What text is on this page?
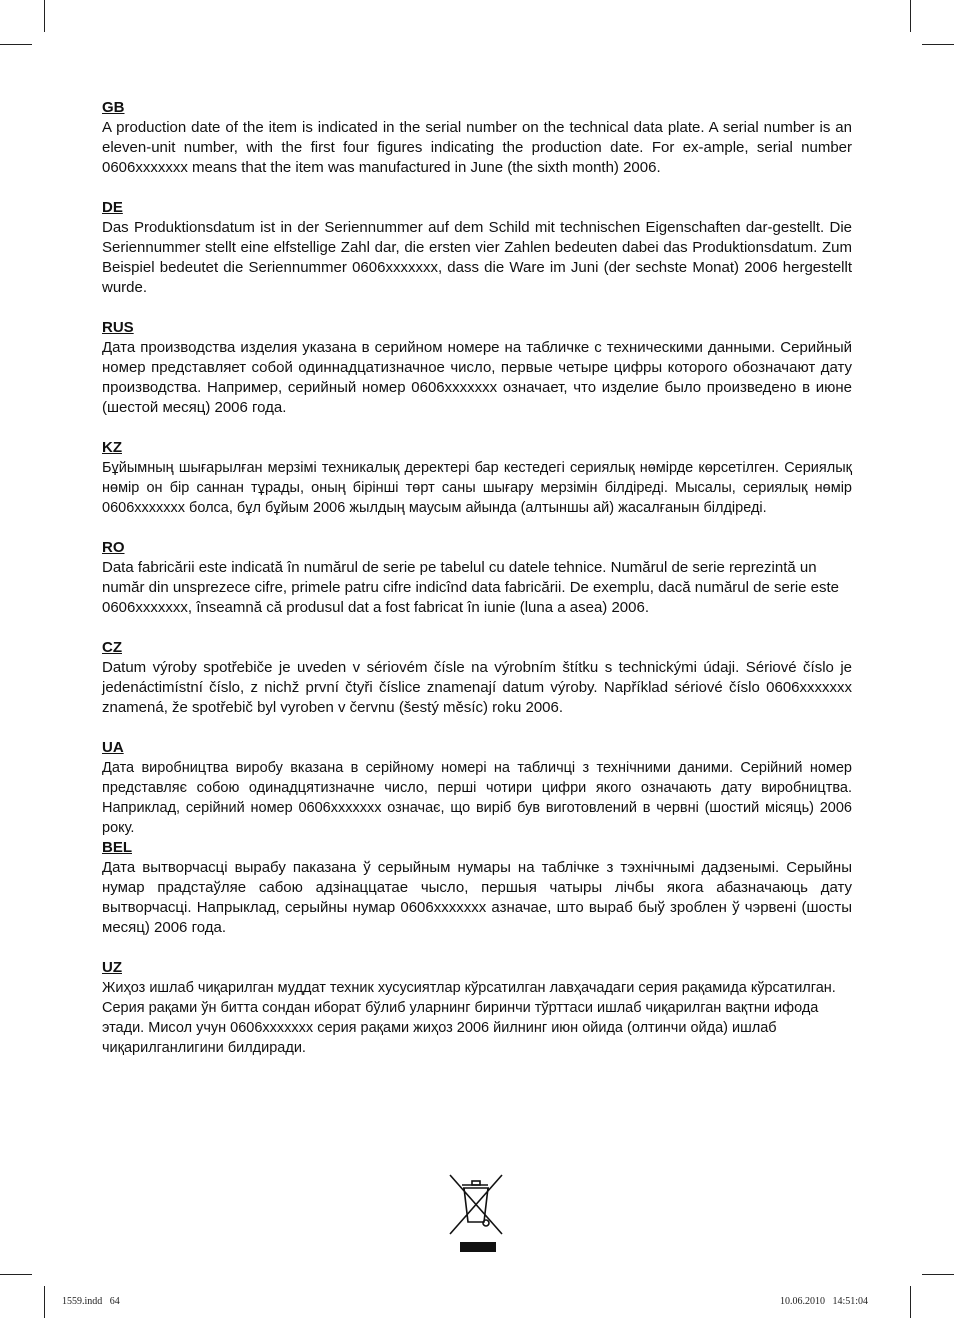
GB
A production date of the item is indicated in the serial number on the technical data plate. A serial number is an eleven-unit number, with the first four figures indicating the production date. For ex-ample, serial number 0606xxxxxxx means that the item was manufactured in June (the sixth month) 2006.
DE
Das Produktionsdatum ist in der Seriennummer auf dem Schild mit technischen Eigenschaften dar-gestellt. Die Seriennummer stellt eine elfstellige Zahl dar, die ersten vier Zahlen bedeuten dabei das Produktionsdatum. Zum Beispiel bedeutet die Seriennummer 0606xxxxxxx, dass die Ware im Juni (der sechste Monat) 2006 hergestellt wurde.
RUS
Дата производства изделия указана в серийном номере на табличке с техническими данными. Серийный номер представляет собой одиннадцатизначное число, первые четыре цифры которого обозначают дату производства. Например, серийный номер 0606xxxxxxx означает, что изделие было произведено в июне (шестой месяц) 2006 года.
KZ
Бұйымның шығарылған мерзімі техникалық деректері бар кестедегі сериялық нөмірде көрсетілген. Сериялық нөмір он бір саннан тұрады, оның бірінші төрт саны шығару мерзімін білдіреді. Мысалы, сериялық нөмір 0606xxxxxxx болса, бұл бұйым 2006 жылдың маусым айында (алтыншы ай) жасалғанын білдіреді.
RO
Data fabricării este indicată în numărul de serie pe tabelul cu datele tehnice. Numărul de serie reprezintă un număr din unsprezece cifre, primele patru cifre indicînd data fabricării. De exemplu, dacă numărul de serie este 0606xxxxxxx, înseamnă că produsul dat a fost fabricat în iunie (luna a asea) 2006.
CZ
Datum výroby spotřebiče je uveden v sériovém čísle na výrobním štítku s technickými údaji. Sériové číslo je jedenáctimístní číslo, z nichž první čtyři číslice znamenají datum výroby. Například sériové číslo 0606xxxxxxx znamená, že spotřebič byl vyroben v červnu (šestý měsíc) roku 2006.
UA
Дата виробництва виробу вказана в серійному номері на табличці з технічними даними. Серійний номер представляє собою одинадцятизначне число, перші чотири цифри якого означають дату виробництва. Наприклад, серійний номер 0606xxxxxxx означає, що виріб був виготовлений в червні (шостий місяць) 2006 року.
BEL
Дата вытворчасці вырабу паказана ў серыйным нумары на таблічке з тэхнічнымі дадзенымі. Серыйны нумар прадстаўляе сабою адзінаццатае чысло, першыя чатыры лічбы якога абазначаюць дату вытворчасці. Напрыклад, серыйны нумар 0606xxxxxxx азначае, што выраб быў зроблен ў чэрвені (шосты месяц) 2006 года.
UZ
Жиҳоз ишлаб чиқарилган муддат техник хусусиятлар кўрсатилган лавҳачадаги серия рақамида кўрсатилган. Серия рақами ўн битта сондан иборат бўлиб уларнинг биринчи тўрттаси ишлаб чиқарилган вақтни ифода этади. Мисол учун 0606xxxxxxx серия рақами жиҳоз 2006 йилнинг июн ойида (олтинчи ойда) ишлаб чиқарилганлигини билдиради.
1559.indd   64	10.06.2010   14:51:04
